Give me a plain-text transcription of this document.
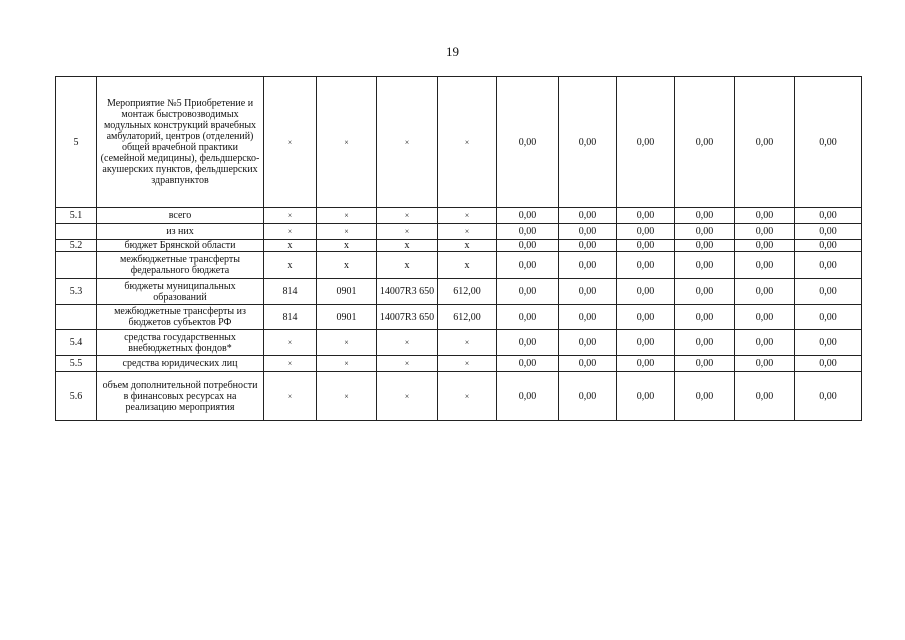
19
5	Мероприятие №5 Приобретение и монтаж быстровозводимых модульных конструкций врачебных амбулаторий, центров (отделений) общей врачебной практики (семейной медицины), фельдшерско-акушерских пунктов, фельдшерских здравпунктов	×	×	×	×	0,00	0,00	0,00	0,00	0,00	0,00
5.1	всего	×	×	×	×	0,00	0,00	0,00	0,00	0,00	0,00
	из них	×	×	×	×	0,00	0,00	0,00	0,00	0,00	0,00
5.2	бюджет Брянской области	x	x	x	x	0,00	0,00	0,00	0,00	0,00	0,00
	межбюджетные трансферты федерального бюджета	x	x	x	x	0,00	0,00	0,00	0,00	0,00	0,00
5.3	бюджеты муниципальных образований	814	0901	14007R3 650	612,00	0,00	0,00	0,00	0,00	0,00	0,00
	межбюджетные трансферты из бюджетов субъектов РФ	814	0901	14007R3 650	612,00	0,00	0,00	0,00	0,00	0,00	0,00
5.4	средства государственных внебюджетных фондов*	×	×	×	×	0,00	0,00	0,00	0,00	0,00	0,00
5.5	средства юридических лиц	×	×	×	×	0,00	0,00	0,00	0,00	0,00	0,00
5.6	объем дополнительной потребности в финансовых ресурсах на реализацию мероприятия	×	×	×	×	0,00	0,00	0,00	0,00	0,00	0,00
